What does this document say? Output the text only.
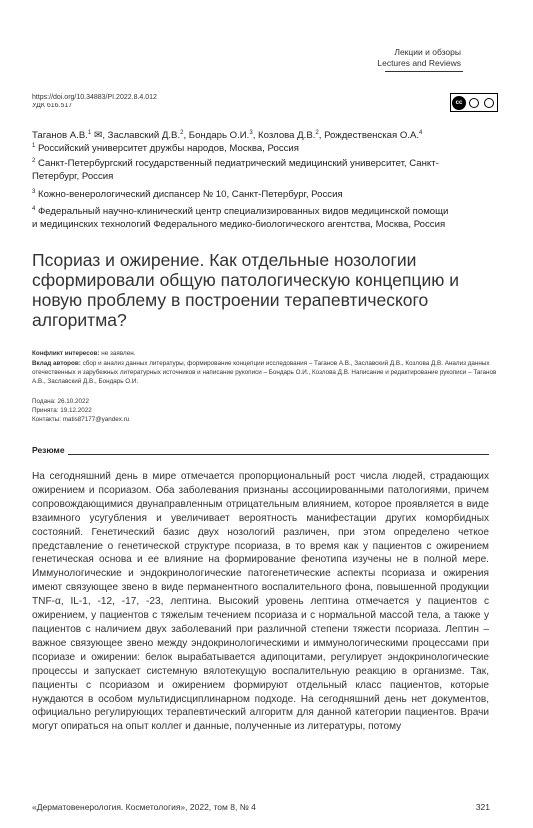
Лекции и обзоры
Lectures and Reviews
https://doi.org/10.34883/PI.2022.8.4.012
УДК 616.517	cc
Таганов А.В.$^1$ ✉, Заславский Д.В.$^2$, Бондарь О.И.$^3$, Козлова Д.В.$^2$, Рождественская О.А.$^4$
$^1$ Российский университет дружбы народов, Москва, Россия
$^2$ Санкт-Петербургский государственный педиатрический медицинский университет, Санкт-Петербург, Россия
$^3$ Кожно-венерологический диспансер № 10, Санкт-Петербург, Россия
$^4$ Федеральный научно-клинический центр специализированных видов медицинской помощи и медицинских технологий Федерального медико-биологического агентства, Москва, Россия
Псориаз и ожирение. Как отдельные нозологии сформировали общую патологическую концепцию и новую проблему в построении терапевтического алгоритма?
Конфликт интересов: не заявлен.
Вклад авторов: сбор и анализ данных литературы, формирование концепции исследования – Таганов А.В., Заславский Д.В., Козлова Д.В. Анализ данных отечественных и зарубежных литературных источников и написание рукописи – Бондарь О.И., Козлова Д.В. Написание и редактирование рукописи – Таганов А.В., Заславский Д.В., Бондарь О.И.
Подана: 26.10.2022
Принята: 19.12.2022
Контакты: matis87177@yandex.ru
Резюме
На сегодняшний день в мире отмечается пропорциональный рост числа людей, страдающих ожирением и псориазом. Оба заболевания признаны ассоциированными патологиями, причем сопровождающимися двунаправленным отрицательным влиянием, которое проявляется в виде взаимного усугубления и увеличивает вероятность манифестации других коморбидных состояний. Генетический базис двух нозологий различен, при этом определено четкое представление о генетической структуре псориаза, в то время как у пациентов с ожирением генетическая основа и ее влияние на формирование фенотипа изучены не в полной мере. Иммунологические и эндокринологические патогенетические аспекты псориаза и ожирения имеют связующее звено в виде перманентного воспалительного фона, повышенной продукции TNF-α, IL-1, -12, -17, -23, лептина. Высокий уровень лептина отмечается у пациентов с ожирением, у пациентов с тяжелым течением псориаза и с нормальной массой тела, а также у пациентов с наличием двух заболеваний при различной степени тяжести псориаза. Лептин – важное связующее звено между эндокринологическими и иммунологическими процессами при псориазе и ожирении: белок вырабатывается адипоцитами, регулирует эндокринологические процессы и запускает системную вялотекущую воспалительную реакцию в организме. Так, пациенты с псориазом и ожирением формируют отдельный класс пациентов, которые нуждаются в особом мультидисциплинарном подходе. На сегодняшний день нет документов, официально регулирующих терапевтический алгоритм для данной категории пациентов. Врачи могут опираться на опыт коллег и данные, полученные из литературы, потому
«Дерматовенерология. Косметология», 2022, том 8, № 4	321
